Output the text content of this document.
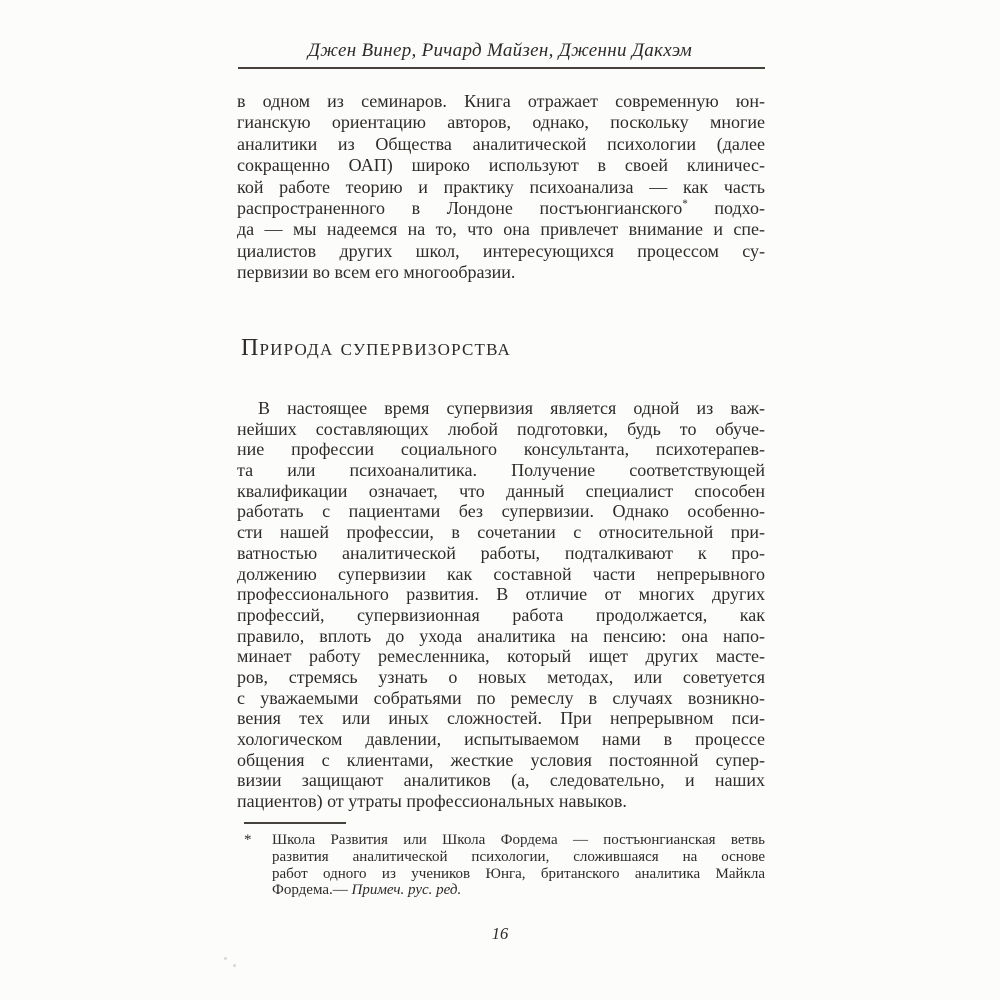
Джен Винер, Ричард Майзен, Дженни Дакхэм
в одном из семинаров. Книга отражает современную юн-
гианскую ориентацию авторов, однако, поскольку многие
аналитики из Общества аналитической психологии (далее
сокращенно ОАП) широко используют в своей клиничес-
кой работе теорию и практику психоанализа — как часть
распространенного в Лондоне постъюнгианского* подхо-
да — мы надеемся на то, что она привлечет внимание и спе-
циалистов других школ, интересующихся процессом су-
первизии во всем его многообразии.
Природа супервизорства
В настоящее время супервизия является одной из важ-
нейших составляющих любой подготовки, будь то обуче-
ние профессии социального консультанта, психотерапев-
та или психоаналитика. Получение соответствующей
квалификации означает, что данный специалист способен
работать с пациентами без супервизии. Однако особенно-
сти нашей профессии, в сочетании с относительной при-
ватностью аналитической работы, подталкивают к про-
должению супервизии как составной части непрерывного
профессионального развития. В отличие от многих других
профессий, супервизионная работа продолжается, как
правило, вплоть до ухода аналитика на пенсию: она напо-
минает работу ремесленника, который ищет других масте-
ров, стремясь узнать о новых методах, или советуется
с уважаемыми собратьями по ремеслу в случаях возникно-
вения тех или иных сложностей. При непрерывном пси-
хологическом давлении, испытываемом нами в процессе
общения с клиентами, жесткие условия постоянной супер-
визии защищают аналитиков (а, следовательно, и наших
пациентов) от утраты профессиональных навыков.
* Школа Развития или Школа Фордема — постъюнгианская ветвь
развития аналитической психологии, сложившаяся на основе
работ одного из учеников Юнга, британского аналитика Майкла
Фордема.— Примеч. рус. ред.
16
